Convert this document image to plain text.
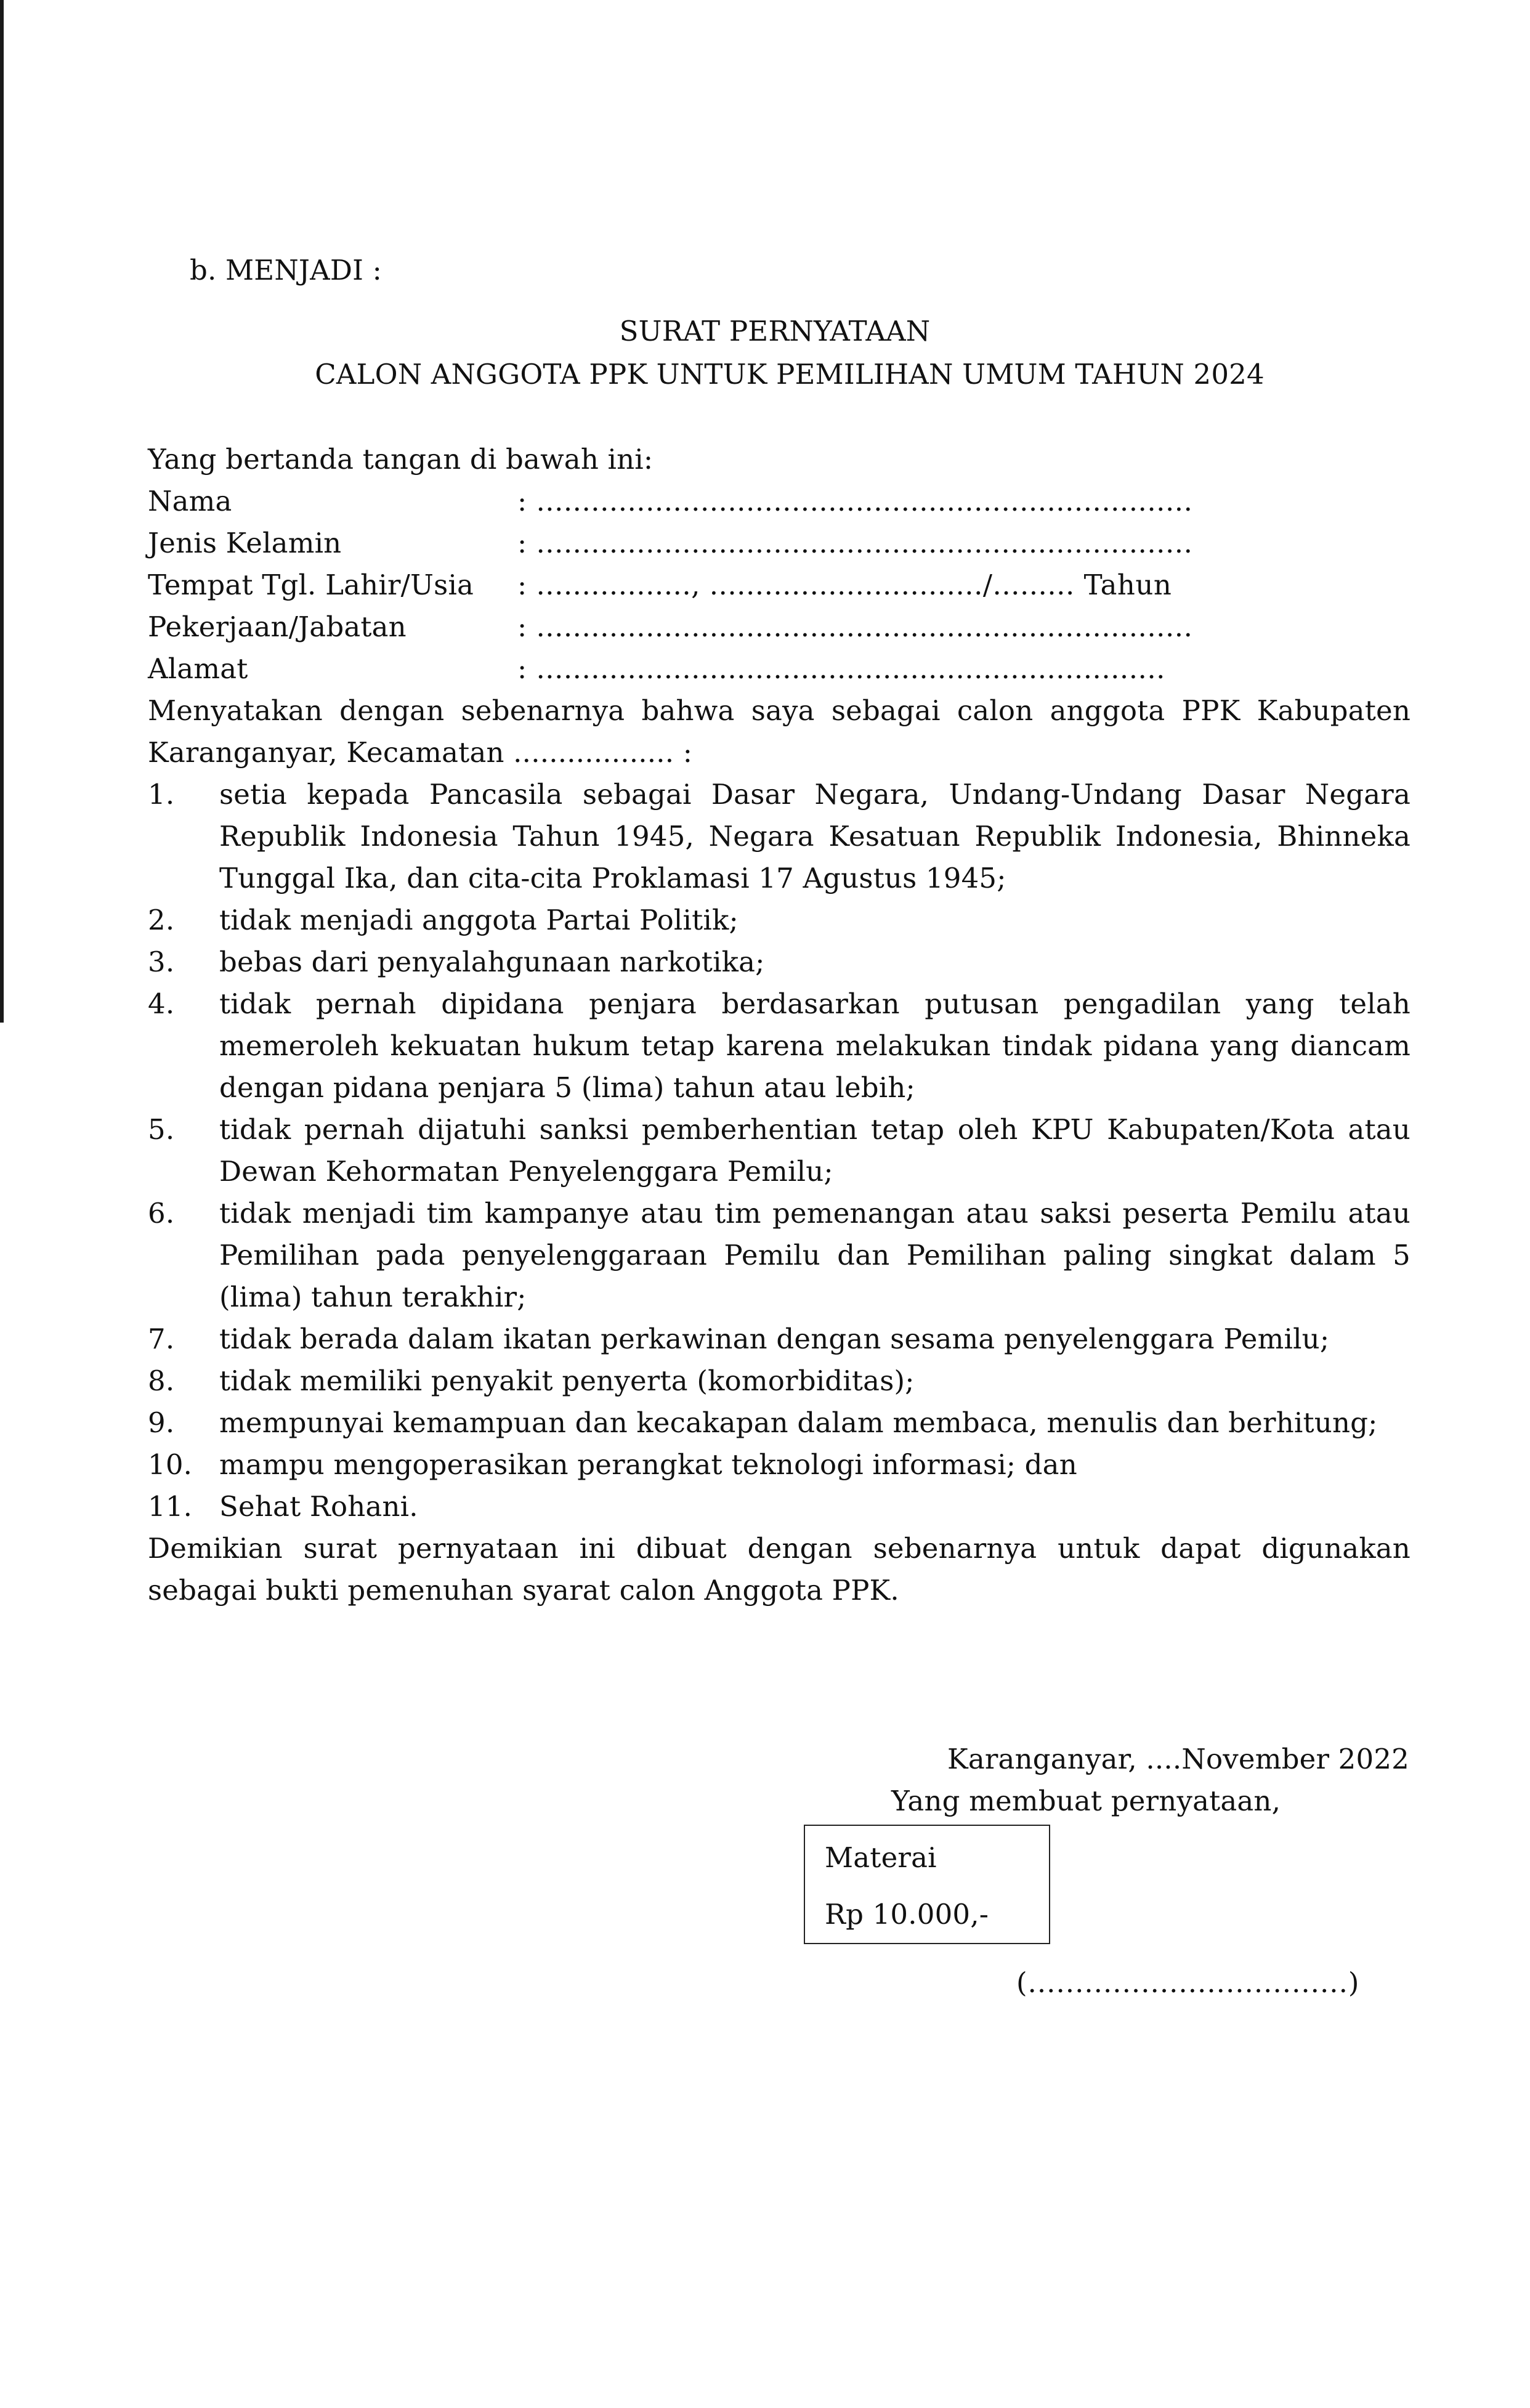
b. MENJADI :
SURAT PERNYATAAN
CALON ANGGOTA PPK UNTUK PEMILIHAN UMUM TAHUN 2024
Yang bertanda tangan di bawah ini:
Nama	: ........................................................................
Jenis Kelamin	: ........................................................................
Tempat Tgl. Lahir/Usia	: ................., ............................../......... Tahun
Pekerjaan/Jabatan	: ........................................................................
Alamat	: .....................................................................
Menyatakan dengan sebenarnya bahwa saya sebagai calon anggota PPK Kabupaten Karanganyar, Kecamatan .................. :
1.	setia kepada Pancasila sebagai Dasar Negara, Undang-Undang Dasar Negara Republik Indonesia Tahun 1945, Negara Kesatuan Republik Indonesia, Bhinneka Tunggal Ika, dan cita-cita Proklamasi 17 Agustus 1945;
2.	tidak menjadi anggota Partai Politik;
3.	bebas dari penyalahgunaan narkotika;
4.	tidak pernah dipidana penjara berdasarkan putusan pengadilan yang telah memeroleh kekuatan hukum tetap karena melakukan tindak pidana yang diancam dengan pidana penjara 5 (lima) tahun atau lebih;
5.	tidak pernah dijatuhi sanksi pemberhentian tetap oleh KPU Kabupaten/Kota atau Dewan Kehormatan Penyelenggara Pemilu;
6.	tidak menjadi tim kampanye atau tim pemenangan atau saksi peserta Pemilu atau Pemilihan pada penyelenggaraan Pemilu dan Pemilihan paling singkat dalam 5 (lima) tahun terakhir;
7.	tidak berada dalam ikatan perkawinan dengan sesama penyelenggara Pemilu;
8.	tidak memiliki penyakit penyerta (komorbiditas);
9.	mempunyai kemampuan dan kecakapan dalam membaca, menulis dan berhitung;
10. mampu mengoperasikan perangkat teknologi informasi; dan
11. Sehat Rohani.
Demikian surat pernyataan ini dibuat dengan sebenarnya untuk dapat digunakan sebagai bukti pemenuhan syarat calon Anggota PPK.
Karanganyar, ....November 2022
Yang membuat pernyataan,
Materai
Rp 10.000,-
(..................................)
